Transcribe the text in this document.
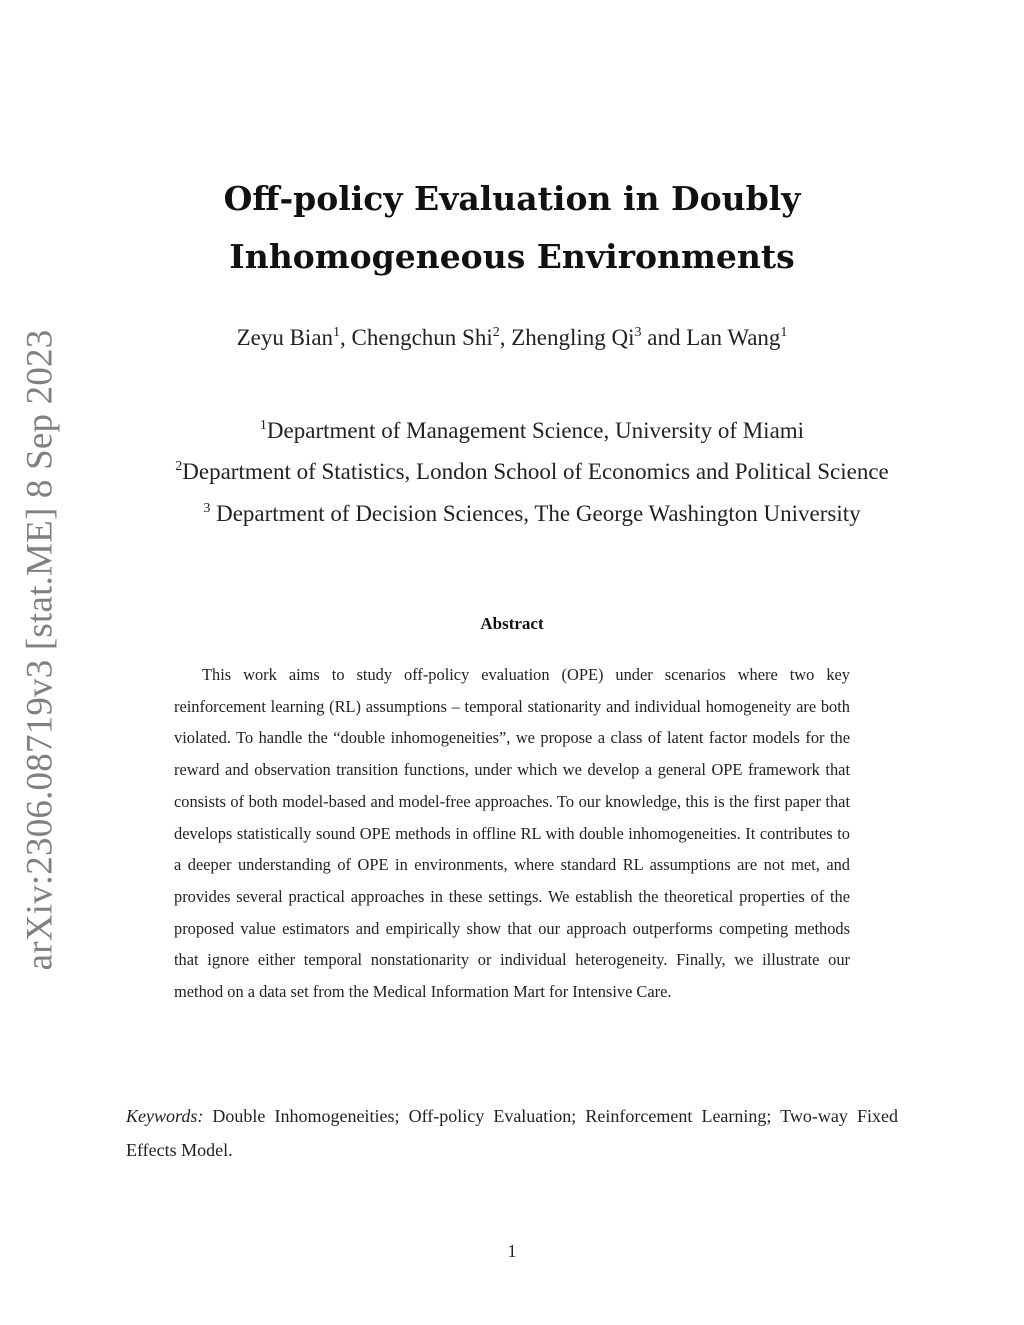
arXiv:2306.08719v3 [stat.ME] 8 Sep 2023
Off-policy Evaluation in Doubly
Inhomogeneous Environments
Zeyu Bian$^1$, Chengchun Shi$^2$, Zhengling Qi$^3$ and Lan Wang$^1$
$^1$Department of Management Science, University of Miami
$^2$Department of Statistics, London School of Economics and Political Science
$^3$ Department of Decision Sciences, The George Washington University
Abstract
This work aims to study off-policy evaluation (OPE) under scenarios where two key reinforcement learning (RL) assumptions – temporal stationarity and individual homogeneity are both violated. To handle the “double inhomogeneities”, we propose a class of latent factor models for the reward and observation transition functions, under which we develop a general OPE framework that consists of both model-based and model-free approaches. To our knowledge, this is the first paper that develops statistically sound OPE methods in offline RL with double inhomogeneities. It contributes to a deeper understanding of OPE in environments, where standard RL assumptions are not met, and provides several practical approaches in these settings. We establish the theoretical properties of the proposed value estimators and empirically show that our approach outperforms competing methods that ignore either temporal nonstationarity or individual heterogeneity. Finally, we illustrate our method on a data set from the Medical Information Mart for Intensive Care.
Keywords: Double Inhomogeneities; Off-policy Evaluation; Reinforcement Learning; Two-way Fixed Effects Model.
1
